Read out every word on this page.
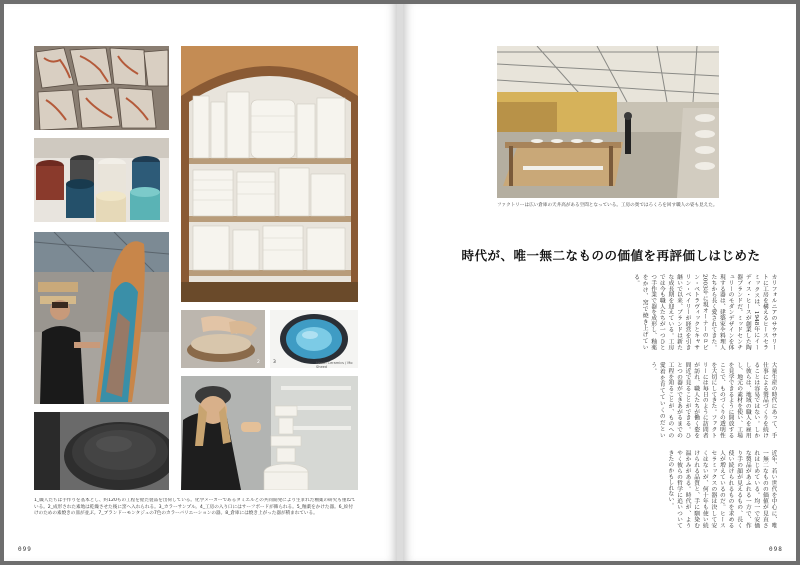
2	3	Heath Ceramics / Mo Sheed
1_職人たちは手作りを基本とし、約120もの工程を経た製品を出荷している。化学メーカーであるタミエルとの共同開発により生まれた釉薬の研究も重ねている。2_成形された素地は乾燥させた後に窯へ入れられる。3_カラーサンプル。4_工房の入り口にはサーフボードが飾られる。5_釉薬をかけた器。6_絵付けのための素焼きの皿が並ぶ。7_ブランドーモンタジュの7色のカラーバリエーションの器。8_倉庫には焼き上がった器が積まれている。
099
ファクトリーは広い倉庫の天井高がある空間となっている。工房の奥ではろくろを回す職人の姿も見えた。
時代が、唯一無二なものの価値を再評価しはじめた
カリフォルニアのサウサリートに工房を構えるヒースセラミックスは、1948年にイーディス・ヒースが創業した陶器ブランドだ。ミッドセンチュリーのモダンデザインを体現する器は、建築家や料理人たちから長く愛されてきた。2003年に現オーナーのロビン・ペトラヴィックとキャサリン・ベイリーが経営を引き継いで以来、ブランドは新たな成長期を迎えている。工房では今も職人たちが一つひとつ手作業で器を成形し、釉薬をかけ、窯で焼き上げている。
大量生産の時代にあって、手仕事による製品づくりを続けることは容易ではない。しかし彼らは、地域の職人を雇用し、地元の素材を使い、工場を見学できるように開放することで、ものづくりの透明性を大切にしてきた。ファクトリーには毎日のように訪問者が訪れ、職人たちが働く姿を間近で見ることができる。ひとつの器ができあがるまでの工程を知ることが、ものへの愛着を育てていくのだという。
近年、若い世代を中心に、唯一無二なものの価値が見直されはじめている。均一で安価な製品があふれる一方で、作り手の顔が見えるもの、長く使い続けられるものを求める人が増えているのだ。ヒースセラミックスの器は決して安くはないが、何十年も使い続けられる品質と、手に馴染む温かみがある。時代が、ようやく彼らの哲学に追いついてきたのかもしれない。
098
